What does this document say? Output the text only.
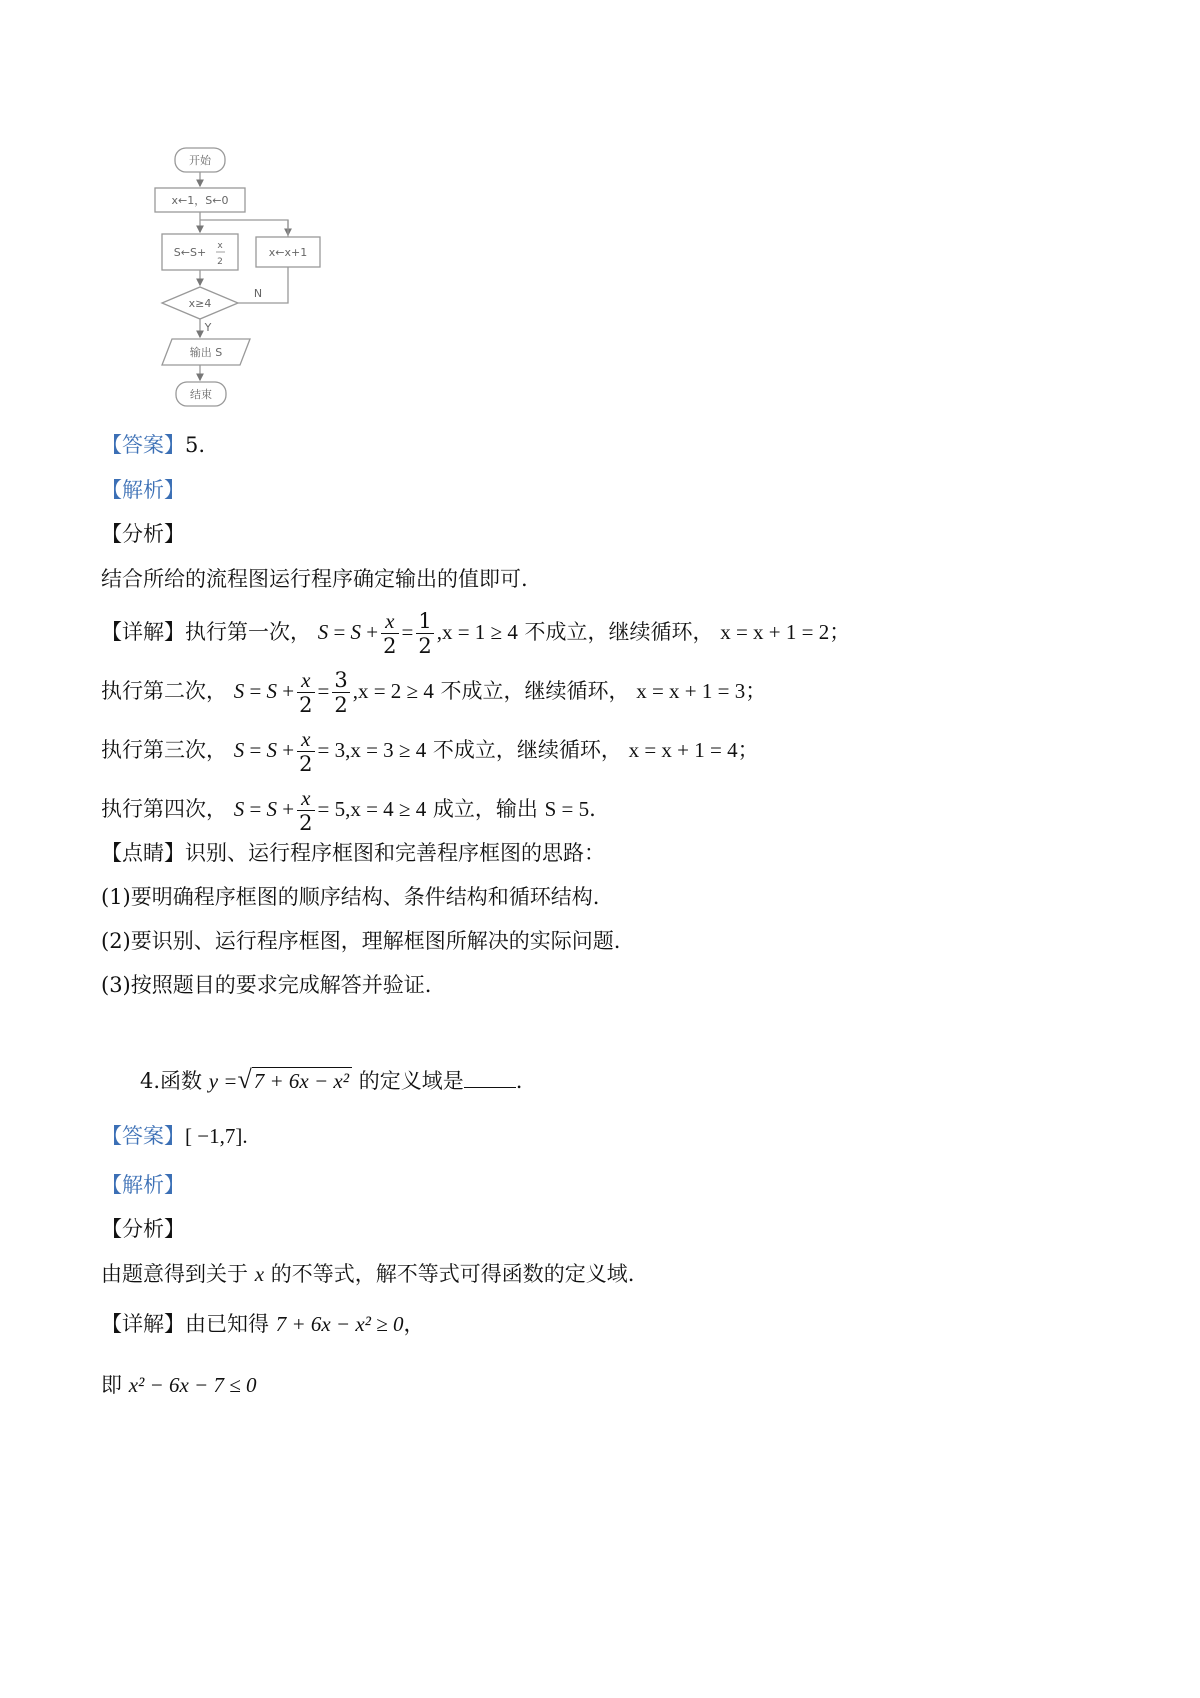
开始
x←1，S←0
S←S+ x
2
x←x+1
x≥4
N
Y
输出 S
结束
【答案】5.
【解析】
【分析】
结合所给的流程图运行程序确定输出的值即可.
【详解】执行第一次， $S = S + \frac{x}{2} = \frac{1}{2} ,x = 1 \ge 4$ 不成立，继续循环， x = x + 1 = 2；
执行第二次， $S = S + \frac{x}{2} = \frac{3}{2} ,x = 2 \ge 4$ 不成立，继续循环， x = x + 1 = 3；
执行第三次， $S = S + \frac{x}{2} = 3,x = 3 \ge 4$ 不成立，继续循环， x = x + 1 = 4；
执行第四次， $S = S + \frac{x}{2} = 5,x = 4 \ge 4$ 成立，输出 S = 5.
【点睛】识别、运行程序框图和完善程序框图的思路：
(1)要明确程序框图的顺序结构、条件结构和循环结构.
(2)要识别、运行程序框图，理解框图所解决的实际问题.
(3)按照题目的要求完成解答并验证.
4.函数 y =√7 + 6x − x² 的定义域是 .
【答案】[ −1,7].
【解析】
【分析】
由题意得到关于 x 的不等式，解不等式可得函数的定义域.
【详解】由已知得 7 + 6x − x² ≥ 0，
即 x² − 6x − 7 ≤ 0
